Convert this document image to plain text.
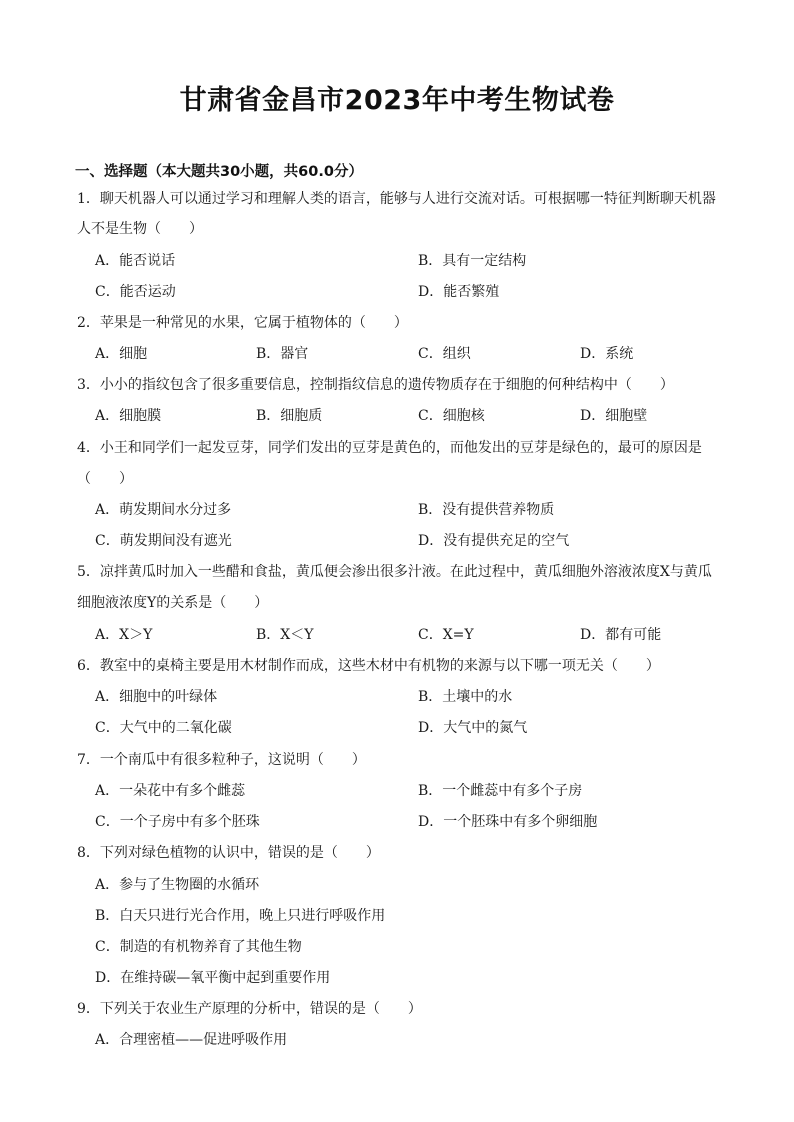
甘肃省金昌市2023年中考生物试卷
一、选择题（本大题共30小题，共60.0分）
1．聊天机器人可以通过学习和理解人类的语言，能够与人进行交流对话。可根据哪一特征判断聊天机器
人不是生物（　　）
A．能否说话	B．具有一定结构
C．能否运动	D．能否繁殖
2．苹果是一种常见的水果，它属于植物体的（　　）
A．细胞	B．器官	C．组织	D．系统
3．小小的指纹包含了很多重要信息，控制指纹信息的遗传物质存在于细胞的何种结构中（　　）
A．细胞膜	B．细胞质	C．细胞核	D．细胞壁
4．小王和同学们一起发豆芽，同学们发出的豆芽是黄色的，而他发出的豆芽是绿色的，最可的原因是
（　　）
A．萌发期间水分过多	B．没有提供营养物质
C．萌发期间没有遮光	D．没有提供充足的空气
5．凉拌黄瓜时加入一些醋和食盐，黄瓜便会渗出很多汁液。在此过程中，黄瓜细胞外溶液浓度X与黄瓜
细胞液浓度Y的关系是（　　）
A．X＞Y	B．X＜Y	C．X=Y	D．都有可能
6．教室中的桌椅主要是用木材制作而成，这些木材中有机物的来源与以下哪一项无关（　　）
A．细胞中的叶绿体	B．土壤中的水
C．大气中的二氧化碳	D．大气中的氮气
7．一个南瓜中有很多粒种子，这说明（　　）
A．一朵花中有多个雌蕊	B．一个雌蕊中有多个子房
C．一个子房中有多个胚珠	D．一个胚珠中有多个卵细胞
8．下列对绿色植物的认识中，错误的是（　　）
A．参与了生物圈的水循环
B．白天只进行光合作用，晚上只进行呼吸作用
C．制造的有机物养育了其他生物
D．在维持碳—氧平衡中起到重要作用
9．下列关于农业生产原理的分析中，错误的是（　　）
A．合理密植——促进呼吸作用
